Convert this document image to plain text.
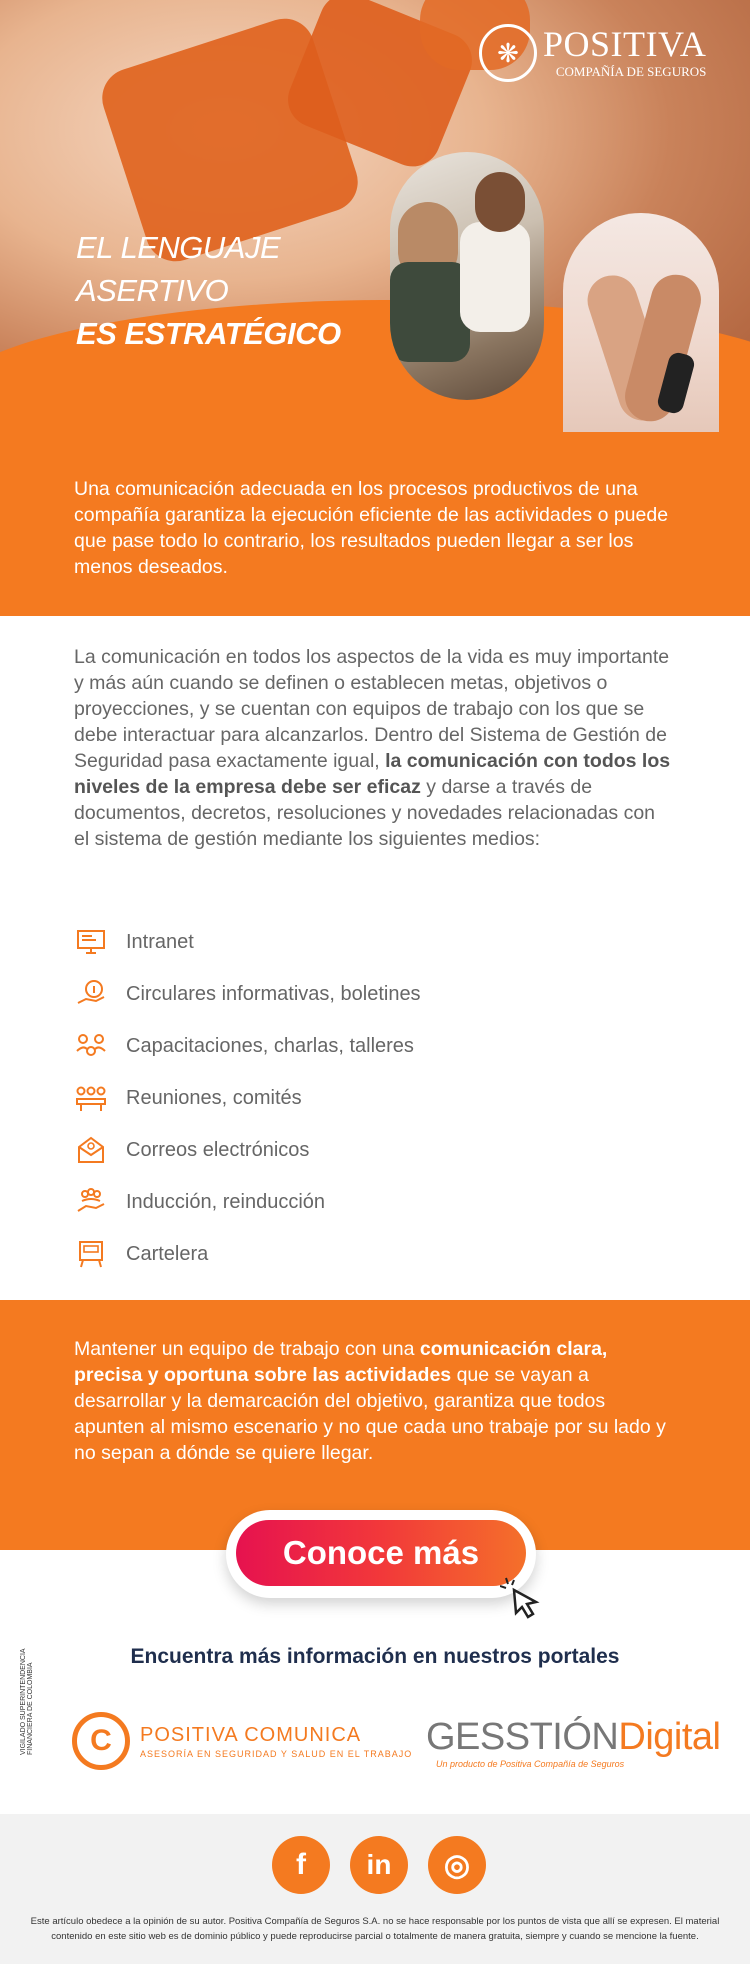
EL LENGUAJE
ASERTIVO
ES ESTRATÉGICO
❋ POSITIVA
COMPAÑÍA DE SEGUROS

Una comunicación adecuada en los procesos productivos de una compañía garantiza la ejecución eficiente de las actividades o puede que pase todo lo contrario, los resultados pueden llegar a ser los menos deseados.

La comunicación en todos los aspectos de la vida es muy importante y más aún cuando se definen o establecen metas, objetivos o proyecciones, y se cuentan con equipos de trabajo con los que se debe interactuar para alcanzarlos. Dentro del Sistema de Gestión de Seguridad pasa exactamente igual, la comunicación con todos los niveles de la empresa debe ser eficaz y darse a través de documentos, decretos, resoluciones y novedades relacionadas con el sistema de gestión mediante los siguientes medios:
Intranet
Circulares informativas, boletines
Capacitaciones, charlas, talleres
Reuniones, comités
Correos electrónicos
Inducción, reinducción
Cartelera

Mantener un equipo de trabajo con una comunicación clara, precisa y oportuna sobre las actividades que se vayan a desarrollar y la demarcación del objetivo, garantiza que todos apunten al mismo escenario y no que cada uno trabaje por su lado y no sepan a dónde se quiere llegar.

Conoce más
Encuentra más información en nuestros portales
VIGILADO SUPERINTENDENCIA FINANCIERA DE COLOMBIA	C	POSITIVA COMUNICA
ASESORÍA EN SEGURIDAD Y SALUD EN EL TRABAJO GESSTIÓNDigital
Un producto de Positiva Compañía de Seguros
f	in	◎
Este artículo obedece a la opinión de su autor. Positiva Compañía de Seguros S.A. no se hace responsable por los puntos de vista que allí se expresen. El material contenido en este sitio web es de dominio público y puede reproducirse parcial o totalmente de manera gratuita, siempre y cuando se mencione la fuente.
